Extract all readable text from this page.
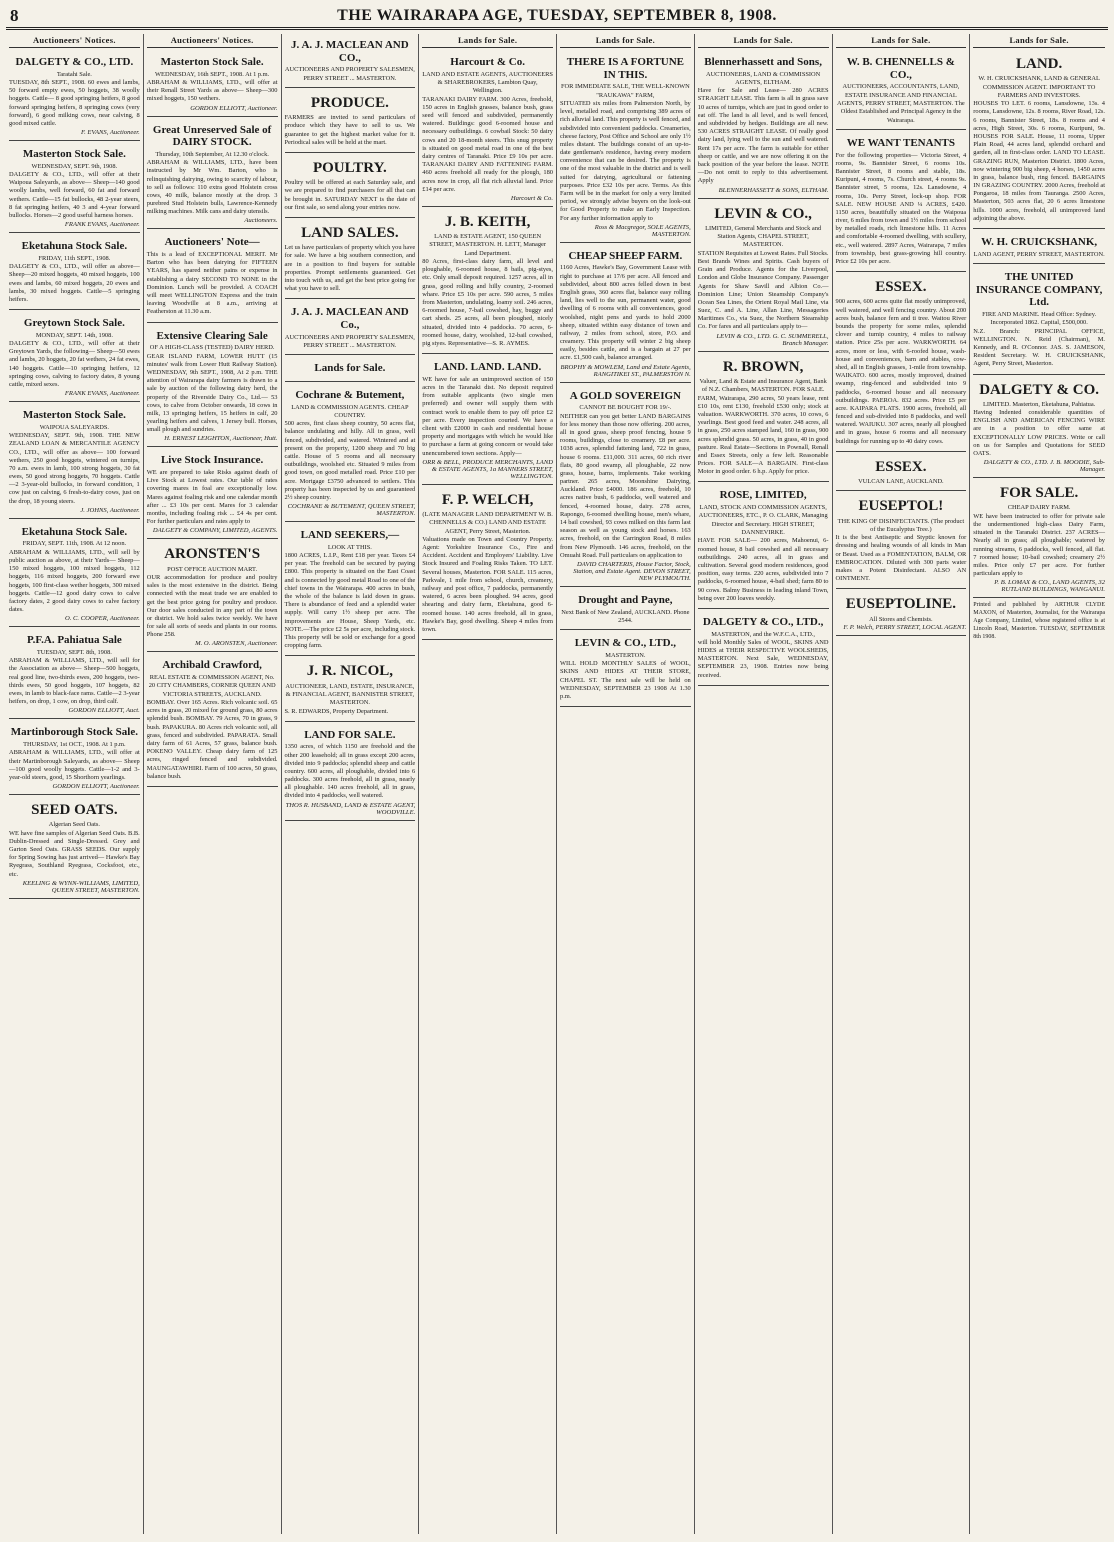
8	THE WAIRARAPA AGE, TUESDAY, SEPTEMBER 8, 1908.
Auctioneers' Notices.
DALGETY & CO., LTD.
Taratahi Sale.

TUESDAY, 8th SEPT., 1908. 60 ewes and lambs, 50 forward empty ewes, 50 hoggets, 38 woolly hoggets. Cattle— 8 good springing heifers, 8 good forward springing heifers, 8 springing cows (very forward), 6 good milking cows, near calving, 8 good mixed cattle.

F. EVANS, Auctioneer.
Masterton Stock Sale.
WEDNESDAY, SEPT. 9th, 1908.

DALGETY & CO., LTD., will offer at their Waipoua Saleyards, as above— Sheep—140 good woolly lambs, well forward, 60 fat and forward wethers. Cattle—15 fat bullocks, 48 2-year steers, 8 fat springing heifers, 40 3 and 4-year forward bullocks. Horses—2 good useful harness horses.

FRANK EVANS, Auctioneer.
Eketahuna Stock Sale.
FRIDAY, 11th SEPT., 1908.

DALGETY & CO., LTD., will offer as above— Sheep—20 mixed hoggets, 40 mixed hoggets, 100 ewes and lambs, 60 mixed hoggets, 20 ewes and lambs, 30 mixed hoggets. Cattle—5 springing heifers.

Greytown Stock Sale.
MONDAY, SEPT. 14th, 1908.

DALGETY & CO., LTD., will offer at their Greytown Yards, the following— Sheep—50 ewes and lambs, 20 hoggets, 20 fat wethers, 24 fat ewes, 140 hoggets. Cattle—10 springing heifers, 12 springing cows, calving to factory dates, 8 young cattle, mixed sexes.

FRANK EVANS, Auctioneer.
Masterton Stock Sale.
WAIPOUA SALEYARDS.

WEDNESDAY, SEPT. 9th, 1908. THE NEW ZEALAND LOAN & MERCANTILE AGENCY CO., LTD., will offer as above— 100 forward wethers, 250 good hoggets, wintered on turnips, 70 a.m. ewes in lamb, 100 strong hoggets, 30 fat ewes, 50 good strong hoggets, 70 hoggets. Cattle—2 3-year-old bullocks, in forward condition, 1 cow just on calving, 6 fresh-to-dairy cows, just on the drop, 18 young steers.

J. JOHNS, Auctioneer.
Eketahuna Stock Sale.
FRIDAY, SEPT. 11th, 1908. At 12 noon.

ABRAHAM & WILLIAMS, LTD., will sell by public auction as above, at their Yards— Sheep—150 mixed hoggets, 100 mixed hoggets, 112 hoggets, 116 mixed hoggets, 200 forward ewe hoggets, 100 first-class wether hoggets, 300 mixed hoggets. Cattle—12 good dairy cows to calve factory dates, 2 good dairy cows to calve factory dates.

O. C. COOPER, Auctioneer.
P.F.A. Pahiatua Sale
TUESDAY, SEPT. 8th, 1908.

ABRAHAM & WILLIAMS, LTD., will sell for the Association as above— Sheep—500 hoggets, real good line, two-thirds ewes, 200 hoggets, two-thirds ewes, 50 good hoggets, 107 hoggets, 82 ewes, in lamb to black-face rams. Cattle—2 3-year heifers, on drop, 1 cow, on drop, third calf.

GORDON ELLIOTT, Auct.
Martinborough Stock Sale.
THURSDAY, 1st OCT., 1908. At 1 p.m.

ABRAHAM & WILLIAMS, LTD., will offer at their Martinborough Saleyards, as above— Sheep—100 good woolly hoggets. Cattle—1-2 and 3-year-old steers, good, 15 Shorthorn yearlings.

GORDON ELLIOTT, Auctioneer.
SEED OATS.
Algerian Seed Oats.

WE have fine samples of Algerian Seed Oats. B.B. Dublin-Dressed and Single-Dressed. Grey and Garton Seed Oats. GRASS SEEDS. Our supply for Spring Sowing has just arrived— Hawke's Bay Ryegrass, Southland Ryegrass, Cocksfoot, etc., etc.

KEELING & WYNN-WILLIAMS, LIMITED, QUEEN STREET, MASTERTON.
Auctioneers' Notices.
Masterton Stock Sale.
WEDNESDAY, 16th SEPT., 1908. At 1 p.m.

ABRAHAM & WILLIAMS, LTD., will offer at their Renall Street Yards as above— Sheep—300 mixed hoggets, 150 wethers.

GORDON ELLIOTT, Auctioneer.
Great Unreserved Sale of DAIRY STOCK.
Thursday, 10th September, At 12.30 o'clock.

ABRAHAM & WILLIAMS, LTD., have been instructed by Mr Wm. Barton, who is relinquishing dairying, owing to scarcity of labour, to sell as follows: 110 extra good Holstein cross cows, 40 milk, balance mostly at the drop. 3 purebred Stud Holstein bulls, Lawrence-Kennedy milking machines. Milk cans and dairy utensils.

Auctioneers.
Auctioneers' Note—

This is a lead of EXCEPTIONAL MERIT. Mr Barton who has been dairying for FIFTEEN YEARS, has spared neither pains or expense in establishing a dairy SECOND TO NONE in the Dominion. Lunch will be provided. A COACH will meet WELLINGTON Express and the train leaving Woodville at 8 a.m., arriving at Featherston at 11.30 a.m.

Extensive Clearing Sale
OF A HIGH-CLASS (TESTED) DAIRY HERD.

GEAR ISLAND FARM, LOWER HUTT (15 minutes' walk from Lower Hutt Railway Station). WEDNESDAY, 9th SEPT., 1908, At 2 p.m. THE attention of Wairarapa dairy farmers is drawn to a sale by auction of the following dairy herd, the property of the Riverside Dairy Co., Ltd.— 53 cows, to calve from October onwards, 18 cows in milk, 13 springing heifers, 15 heifers in calf, 20 yearling heifers and calves, 1 Jersey bull. Horses, small plough and sundries.

H. ERNEST LEIGHTON, Auctioneer, Hutt.
Live Stock Insurance.

WE are prepared to take Risks against death of Live Stock at Lowest rates. Our table of rates covering mares in foal are exceptionally low. Mares against foaling risk and one calendar month after ... £3 10s per cent. Mares for 3 calendar months, including foaling risk ... £4 4s per cent. For further particulars and rates apply to

DALGETY & COMPANY, LIMITED, AGENTS.
ARONSTEN'S
POST OFFICE AUCTION MART.

OUR accommodation for produce and poultry sales is the most extensive in the district. Being connected with the meat trade we are enabled to get the best price going for poultry and produce. Our door sales conducted in any part of the town or district. We hold sales twice weekly. We have for sale all sorts of seeds and plants in our rooms. Phone 258.

M. O. ARONSTEN, Auctioneer.
Archibald Crawford,
REAL ESTATE & COMMISSION AGENT, No. 20 CITY CHAMBERS, CORNER QUEEN AND VICTORIA STREETS, AUCKLAND.

BOMBAY. Over 165 Acres. Rich volcanic soil. 65 acres in grass, 20 mixed for ground grass, 80 acres splendid bush. BOMBAY. 79 Acres, 70 in grass, 9 bush. PAPAKURA. 80 Acres rich volcanic soil, all grass, fenced and subdivided. PAPARATA. Small dairy farm of 61 Acres, 57 grass, balance bush. POKENO VALLEY. Cheap dairy farm of 125 acres, ringed fenced and subdivided. MAUNGATAWHIRI. Farm of 100 acres, 50 grass, balance bush.

J. A. J. MACLEAN AND CO.,
AUCTIONEERS AND PROPERTY SALESMEN, PERRY STREET ... MASTERTON.
PRODUCE.

FARMERS are invited to send particulars of produce which they have to sell to us. We guarantee to get the highest market value for it. Periodical sales will be held at the mart.

POULTRY.

Poultry will be offered at each Saturday sale, and we are prepared to find purchasers for all that can be brought in. SATURDAY NEXT is the date of our first sale, so send along your entries now.

LAND SALES.

Let us have particulars of property which you have for sale. We have a big southern connection, and are in a position to find buyers for suitable properties. Prompt settlements guaranteed. Get into touch with us, and get the best price going for what you have to sell.

J. A. J. MACLEAN AND Co.,
AUCTIONEERS AND PROPERTY SALESMEN, PERRY STREET ... MASTERTON.
Lands for Sale.
Cochrane & Butement,
LAND & COMMISSION AGENTS. CHEAP COUNTRY.

500 acres, first class sheep country, 50 acres flat, balance undulating and hilly. All in grass, well fenced, subdivided, and watered. Wintered and at present on the property, 1200 sheep and 70 big cattle. House of 5 rooms and all necessary outbuildings, woolshed etc. Situated 9 miles from good town, on good metalled road. Price £10 per acre. Mortgage £3750 advanced to settlers. This property has been inspected by us and guaranteed 2½ sheep country.

COCHRANE & BUTEMENT, QUEEN STREET, MASTERTON.
LAND SEEKERS,—
LOOK AT THIS.

1800 ACRES, L.I.P., Rent £18 per year. Taxes £4 per year. The freehold can be secured by paying £800. This property is situated on the East Coast and is connected by good metal Road to one of the chief towns in the Wairarapa. 400 acres in bush, the whole of the balance is laid down in grass. There is abundance of feed and a splendid water supply. Will carry 1½ sheep per acre. The improvements are House, Sheep Yards, etc. NOTE.—The price £2 5s per acre, including stock. This property will be sold or exchange for a good cropping farm.

J. R. NICOL,
AUCTIONEER, LAND, ESTATE, INSURANCE, & FINANCIAL AGENT, BANNISTER STREET, MASTERTON.

S. R. EDWARDS, Property Department.

LAND FOR SALE.

1350 acres, of which 1150 are freehold and the other 200 leasehold; all in grass except 200 acres, divided into 9 paddocks; splendid sheep and cattle country. 600 acres, all ploughable, divided into 6 paddocks. 300 acres freehold, all in grass, nearly all ploughable. 140 acres freehold, all in grass, divided into 4 paddocks, well watered.

THOS R. HUSBAND, LAND & ESTATE AGENT, WOODVILLE.
Lands for Sale.
Harcourt & Co.
LAND AND ESTATE AGENTS, AUCTIONEERS & SHAREBROKERS, Lambton Quay, Wellington.

TARANAKI DAIRY FARM. 300 Acres, freehold, 150 acres in English grasses, balance bush, grass seed will fenced and subdivided, permanently watered. Buildings: good 6-roomed house and necessary outbuildings. 6 cowbail Stock: 50 dairy cows and 20 18-month steers. This snug property is situated on good metal road in one of the best dairy centres of Taranaki. Price £9 10s per acre. TARANAKI DAIRY AND FATTENING FARM. 460 acres freehold all ready for the plough, 180 acres now in crop, all flat rich alluvial land. Price £14 per acre.

Harcourt & Co.
J. B. KEITH,
LAND & ESTATE AGENT, 150 QUEEN STREET, MASTERTON. H. LETT, Manager Land Department.

80 Acres, first-class dairy farm, all level and ploughable, 6-roomed house, 8 bails, pig-styes, etc. Only small deposit required. 1257 acres, all in grass, good rolling and hilly country, 2-roomed whare. Price £5 10s per acre. 590 acres, 5 miles from Masterton, undulating, loamy soil. 246 acres, 6-roomed house, 7-bail cowshed, hay, buggy and cart sheds. 25 acres, all been ploughed, nicely situated, divided into 4 paddocks. 70 acres, 6-roomed house, dairy, woolshed, 12-bail cowshed, pig styes. Representative—S. R. AYMES.

LAND. LAND. LAND.

WE have for sale an unimproved section of 150 acres in the Taranaki dist. No deposit required from suitable applicants (two single men preferred) and owner will supply them with contract work to enable them to pay off price £2 per acre. Every inspection courted. We have a client with £2000 in cash and residential house property and mortgages with which he would like to purchase a farm at going concern or would take unencumbered town sections. Apply—

ORR & BELL, PRODUCE MERCHANTS, LAND & ESTATE AGENTS, 1a MANNERS STREET, WELLINGTON.
F. P. WELCH,
(LATE MANAGER LAND DEPARTMENT W. B. CHENNELLS & CO.) LAND AND ESTATE AGENT, Perry Street, Masterton.

Valuations made on Town and Country Property. Agent: Yorkshire Insurance Co., Fire and Accident. Accident and Employers' Liability. Live Stock Insured and Foaling Risks Taken. TO LET. Several houses, Masterton. FOR SALE. 115 acres, Parkvale, 1 mile from school, church, creamery, railway and post office, 7 paddocks, permanently watered, 6 acres been ploughed. 94 acres, good shearing and dairy farm, Eketahuna, good 6-roomed house. 140 acres freehold, all in grass, Hawke's Bay, good dwelling. Sheep 4 miles from town.

Lands for Sale.
THERE IS A FORTUNE IN THIS.
FOR IMMEDIATE SALE, THE WELL-KNOWN "RAUKAWA" FARM,

SITUATED six miles from Palmerston North, by level, metalled road, and comprising 389 acres of rich alluvial land. This property is well fenced, and subdivided into convenient paddocks. Creameries, cheese factory, Post Office and School are only 1½ miles distant. The buildings consist of an up-to-date gentleman's residence, having every modern convenience that can be desired. The property is one of the most valuable in the district and is well suited for dairying, agricultural or fattening purposes. Price £32 10s per acre. Terms. As this Farm will be in the market for only a very limited period, we strongly advise buyers on the look-out for Good Property to make an Early Inspection. For any further information apply to

Ross & Macgregor, SOLE AGENTS, MASTERTON.
CHEAP SHEEP FARM.

1160 Acres, Hawke's Bay, Government Lease with right to purchase at 17/6 per acre. All fenced and subdivided, about 800 acres felled down in best English grass, 360 acres flat, balance easy rolling land, lies well to the sun, permanent water, good dwelling of 6 rooms with all conveniences, good woolshed, night pens and yards to hold 2000 sheep, situated within easy distance of town and railway, 2 miles from school, store, P.O. and creamery. This property will winter 2 big sheep easily, besides cattle, and is a bargain at 27 per acre. £1,500 cash, balance arranged.

BROPHY & MOWLEM, Land and Estate Agents, RANGITIKEI ST., PALMERSTON N.
A GOLD SOVEREIGN
CANNOT BE BOUGHT FOR 19/-.

NEITHER can you get better LAND BARGAINS for less money than those now offering. 200 acres, all in good grass, sheep proof fencing, house 9 rooms, buildings, close to creamery. £8 per acre. 1038 acres, splendid fattening land, 722 in grass, house 6 rooms. £11,000. 311 acres, 60 rich river flats, 80 good swamp, all ploughable, 22 now grass, house, barns, implements. Take working partner. 265 acres, Moonshine Dairying, Auckland. Price £4000. 186 acres, freehold, 10 acres native bush, 6 paddocks, well watered and fenced, 4-roomed house, dairy. 278 acres, Rapongo, 6-roomed dwelling house, men's whare, 14 bail cowshed, 93 cows milked on this farm last season as well as young stock and horses. 163 acres, freehold, on the Carrington Road, 8 miles from New Plymouth. 146 acres, freehold, on the Omuahi Road. Full particulars on application to

DAVID CHARTERIS, House Factor, Stock, Station, and Estate Agent. DEVON STREET, NEW PLYMOUTH.
Drought and Payne,
Next Bank of New Zealand, AUCKLAND. Phone 2544.
LEVIN & CO., LTD.,
MASTERTON.

WILL HOLD MONTHLY SALES of WOOL, SKINS AND HIDES AT THEIR STORE, CHAPEL ST. The next sale will be held on WEDNESDAY, SEPTEMBER 23 1908 At 1.30 p.m.

Lands for Sale.
Blennerhassett and Sons,
AUCTIONEERS, LAND & COMMISSION AGENTS, ELTHAM.

Have for Sale and Lease— 280 ACRES STRAIGHT LEASE. This farm is all in grass save 10 acres of turnips, which are just in good order to eat off. The land is all level, and is well fenced, and subdivided by hedges. Buildings are all new. 530 ACRES STRAIGHT LEASE. Of really good dairy land, lying well to the sun and well watered. Rent 17s per acre. The farm is suitable for either sheep or cattle, and we are now offering it on the back position of the year before the lease. NOTE—Do not omit to reply to this advertisement. Apply

BLENNERHASSETT & SONS, ELTHAM.
LEVIN & CO.,
LIMITED, General Merchants and Stock and Station Agents, CHAPEL STREET, MASTERTON.

STATION Requisites at Lowest Rates. Full Stocks. Best Brands Wines and Spirits. Cash buyers of Grain and Produce. Agents for the Liverpool, London and Globe Insurance Company. Passenger Agents for Shaw Savill and Albion Co.—Dominion Line; Union Steamship Company's Ocean Sea Lines, the Orient Royal Mail Line, via Suez, C. and A. Line, Allan Line, Messageries Maritimes Co., via Suez, the Northern Steamship Co. For fares and all particulars apply to—

LEVIN & CO., LTD. G. C. SUMMERELL, Branch Manager.
R. BROWN,
Valuer, Land & Estate and Insurance Agent, Bank of N.Z. Chambers, MASTERTON. FOR SALE.

FARM, Wairarapa, 290 acres, 50 years lease, rent £10 10s, rent £130, freehold £530 only; stock at valuation. WARKWORTH. 370 acres, 10 cows, 6 yearlings. Best good feed and water. 248 acres, all in grass, 250 acres stamped land, 160 in grass, 900 acres splendid grass. 50 acres, in grass, 40 in good pasture. Real Estate—Sections in Pownall, Renall and Essex Streets, only a few left. Reasonable Prices. FOR SALE—A BARGAIN. First-class Motor in good order. 6 h.p. Apply for price.

ROSE, LIMITED,
LAND, STOCK AND COMMISSION AGENTS, AUCTIONEERS, ETC., P. O. CLARK, Managing Director and Secretary. HIGH STREET, DANNEVIRKE.

HAVE FOR SALE— 200 acres, Mahoenui, 6-roomed house, 8 bail cowshed and all necessary outbuildings. 240 acres, all in grass and cultivation. Several good modern residences, good position, easy terms. 220 acres, subdivided into 7 paddocks, 6-roomed house, 4-bail shed; farm 80 to 90 cows. Balmy Business in leading inland Town, being over 200 loaves weekly.

DALGETY & CO., LTD.,
MASTERTON, and the W.F.C.A., LTD.,

will hold Monthly Sales of WOOL, SKINS AND HIDES at THEIR RESPECTIVE WOOLSHEDS, MASTERTON. Next Sale, WEDNESDAY, SEPTEMBER 23, 1908. Entries now being received.

Lands for Sale.
W. B. CHENNELLS & CO.,
AUCTIONEERS, ACCOUNTANTS, LAND, ESTATE INSURANCE AND FINANCIAL AGENTS, PERRY STREET, MASTERTON. The Oldest Established and Principal Agency in the Wairarapa.
WE WANT TENANTS

For the following properties— Victoria Street, 4 rooms, 9s. Bannister Street, 6 rooms 10s. Bannister Street, 8 rooms and stable, 18s. Kuripuni, 4 rooms, 7s. Church street, 4 rooms 9s. Bannister street, 5 rooms, 12s. Lansdowne, 4 rooms, 10s. Perry Street, lock-up shop. FOR SALE. NEW HOUSE AND ¼ ACRES, £420. 1150 acres, beautifully situated on the Waipoua river, 6 miles from town and 1½ miles from school by metalled roads, rich limestone hills. 11 Acres and comfortable 4-roomed dwelling, with scullery, etc., well watered. 2897 Acres, Wairarapa, 7 miles from township, best grass-growing hill country. Price £2 10s per acre.

ESSEX.

900 acres, 600 acres quite flat mostly unimproved, well watered, and well fencing country. About 200 acres bush, balance fern and ti tree. Waitou River bounds the property for some miles, splendid clover and turnip country, 4 miles to railway station. Price 25s per acre. WARKWORTH. 64 acres, more or less, with 6-roofed house, wash-house and conveniences, barn and stables, cow-shed, all in English grasses, 1-mile from township. WAIKATO. 600 acres, mostly improved, drained swamp, ring-fenced and subdivided into 9 paddocks, 6-roomed house and all necessary outbuildings. PAEROA. 832 acres. Price £5 per acre. KAIPARA FLATS. 1900 acres, freehold, all fenced and sub-divided into 8 paddocks, and well watered. WAIUKU. 307 acres, nearly all ploughed and in grass, house 6 rooms and all necessary buildings for running up to 40 dairy cows.

ESSEX.
VULCAN LANE, AUCKLAND.
EUSEPTOL!
THE KING OF DISINFECTANTS. (The product of the Eucalyptus Tree.)

It is the best Antiseptic and Styptic known for dressing and healing wounds of all kinds in Man or Beast. Used as a FOMENTATION, BALM, OR EMBROCATION. Diluted with 300 parts water makes a Potent Disinfectant. ALSO AN OINTMENT.

EUSEPTOLINE.
All Stores and Chemists.
F. P. Welch, PERRY STREET, LOCAL AGENT.
Lands for Sale.
LAND.
W. H. CRUICKSHANK, LAND & GENERAL COMMISSION AGENT. IMPORTANT TO FARMERS AND INVESTORS.

HOUSES TO LET. 6 rooms, Lansdowne, 13s. 4 rooms, Lansdowne, 12s. 8 rooms, River Road, 12s. 6 rooms, Bannister Street, 18s. 8 rooms and 4 acres, High Street, 30s. 6 rooms, Kuripuni, 9s. HOUSES FOR SALE. House, 11 rooms, Upper Plain Road, 44 acres land, splendid orchard and garden, all in first-class order. LAND TO LEASE. GRAZING RUN, Masterton District. 1800 Acres, now wintering 900 big sheep, 4 horses, 1450 acres in grass, balance bush, ring fenced. BARGAINS IN GRAZING COUNTRY. 2000 Acres, freehold at Pongaroa, 18 miles from Tauranga. 2500 Acres, Masterton, 503 acres flat, 20 6 acres limestone hills. 1000 acres, freehold, all unimproved land adjoining the above.

W. H. CRUICKSHANK,
LAND AGENT, PERRY STREET, MASTERTON.
THE UNITED INSURANCE COMPANY, Ltd.
FIRE AND MARINE. Head Office: Sydney. Incorporated 1862. Capital, £500,000.

N.Z. Branch: PRINCIPAL OFFICE, WELLINGTON. N. Reid (Chairman), M. Kennedy, and R. O'Connor. JAS. S. JAMESON, Resident Secretary. W. H. CRUICKSHANK, Agent, Perry Street, Masterton.

DALGETY & CO.
LIMITED. Masterton, Eketahuna, Pahiatua.

Having Indented considerable quantities of ENGLISH AND AMERICAN FENCING WIRE are in a position to offer same at EXCEPTIONALLY LOW PRICES. Write or call on us for Samples and Quotations for SEED OATS.

DALGETY & CO., LTD. J. B. MOODIE, Sub-Manager.
FOR SALE.
CHEAP DAIRY FARM.

WE have been instructed to offer for private sale the undermentioned high-class Dairy Farm, situated in the Taranaki District. 237 ACRES—Nearly all in grass; all ploughable; watered by running streams, 6 paddocks, well fenced, all flat. 7 roomed house; 10-bail cowshed; creamery 2½ miles. Price only £7 per acre. For further particulars apply to

P. B. LOMAX & CO., LAND AGENTS, 32 RUTLAND BUILDINGS, WANGANUI.
Printed and published by ARTHUR CLYDE MAXON, of Masterton, Journalist, for the Wairarapa Age Company, Limited, whose registered office is at Lincoln Road, Masterton. TUESDAY, SEPTEMBER 8th 1908.
